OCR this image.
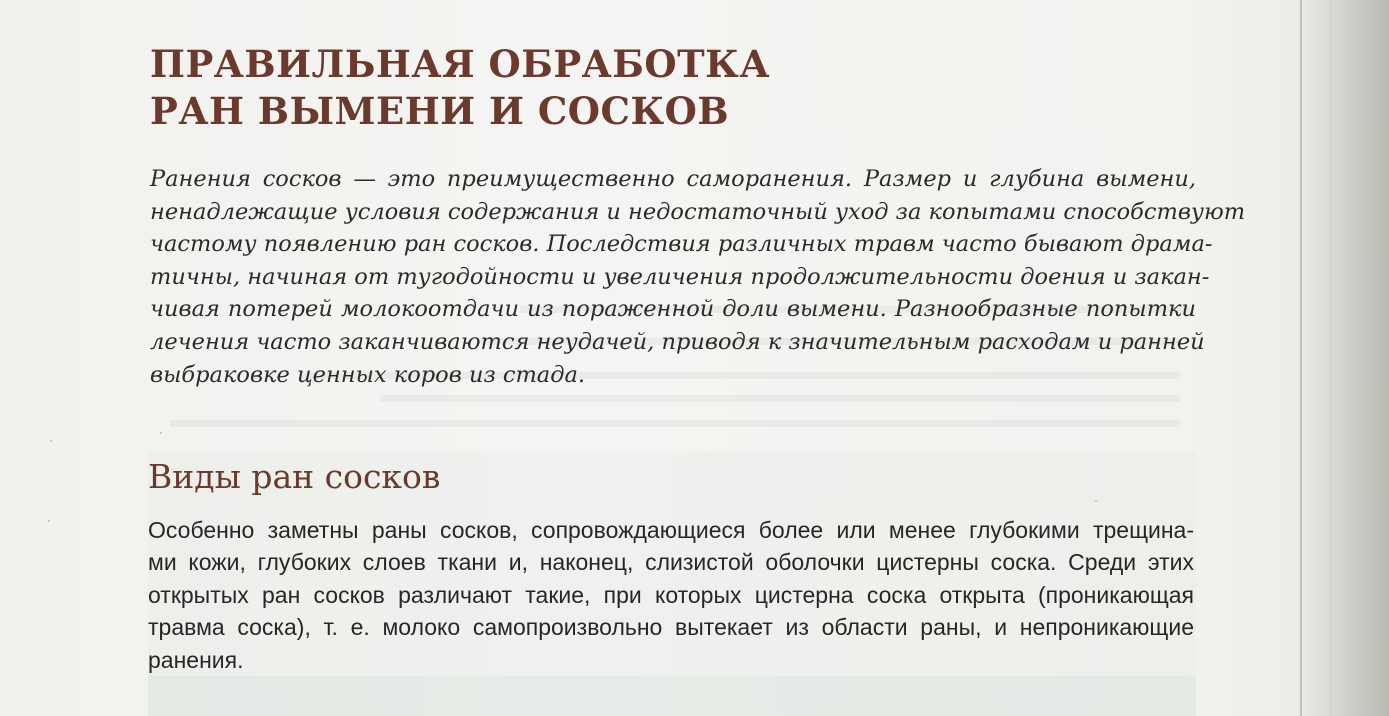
ПРАВИЛЬНАЯ ОБРАБОТКА
РАН ВЫМЕНИ И СОСКОВ
Ранения сосков — это преимущественно самоpанения. Размер и глубина вымени,
ненадлежащие условия содержания и недостаточный уход за копытами способствуют
частому появлению ран сосков. Последствия различных травм часто бывают драма-
тичны, начиная от тугодойности и увеличения продолжительности доения и закан-
чивая потерей молокоотдачи из пораженной доли вымени. Разнообразные попытки
лечения часто заканчиваются неудачей, приводя к значительным расходам и ранней
выбраковке ценных коров из стада.
Виды ран сосков
Особенно заметны раны сосков, сопровождающиеся более или менее глубокими трещина-
ми кожи, глубоких слоев ткани и, наконец, слизистой оболочки цистерны соска. Среди этих
открытых ран сосков различают такие, при которых цистерна соска открыта (проникающая
травма соска), т. е. молоко самопроизвольно вытекает из области раны, и непроникающие
ранения.
